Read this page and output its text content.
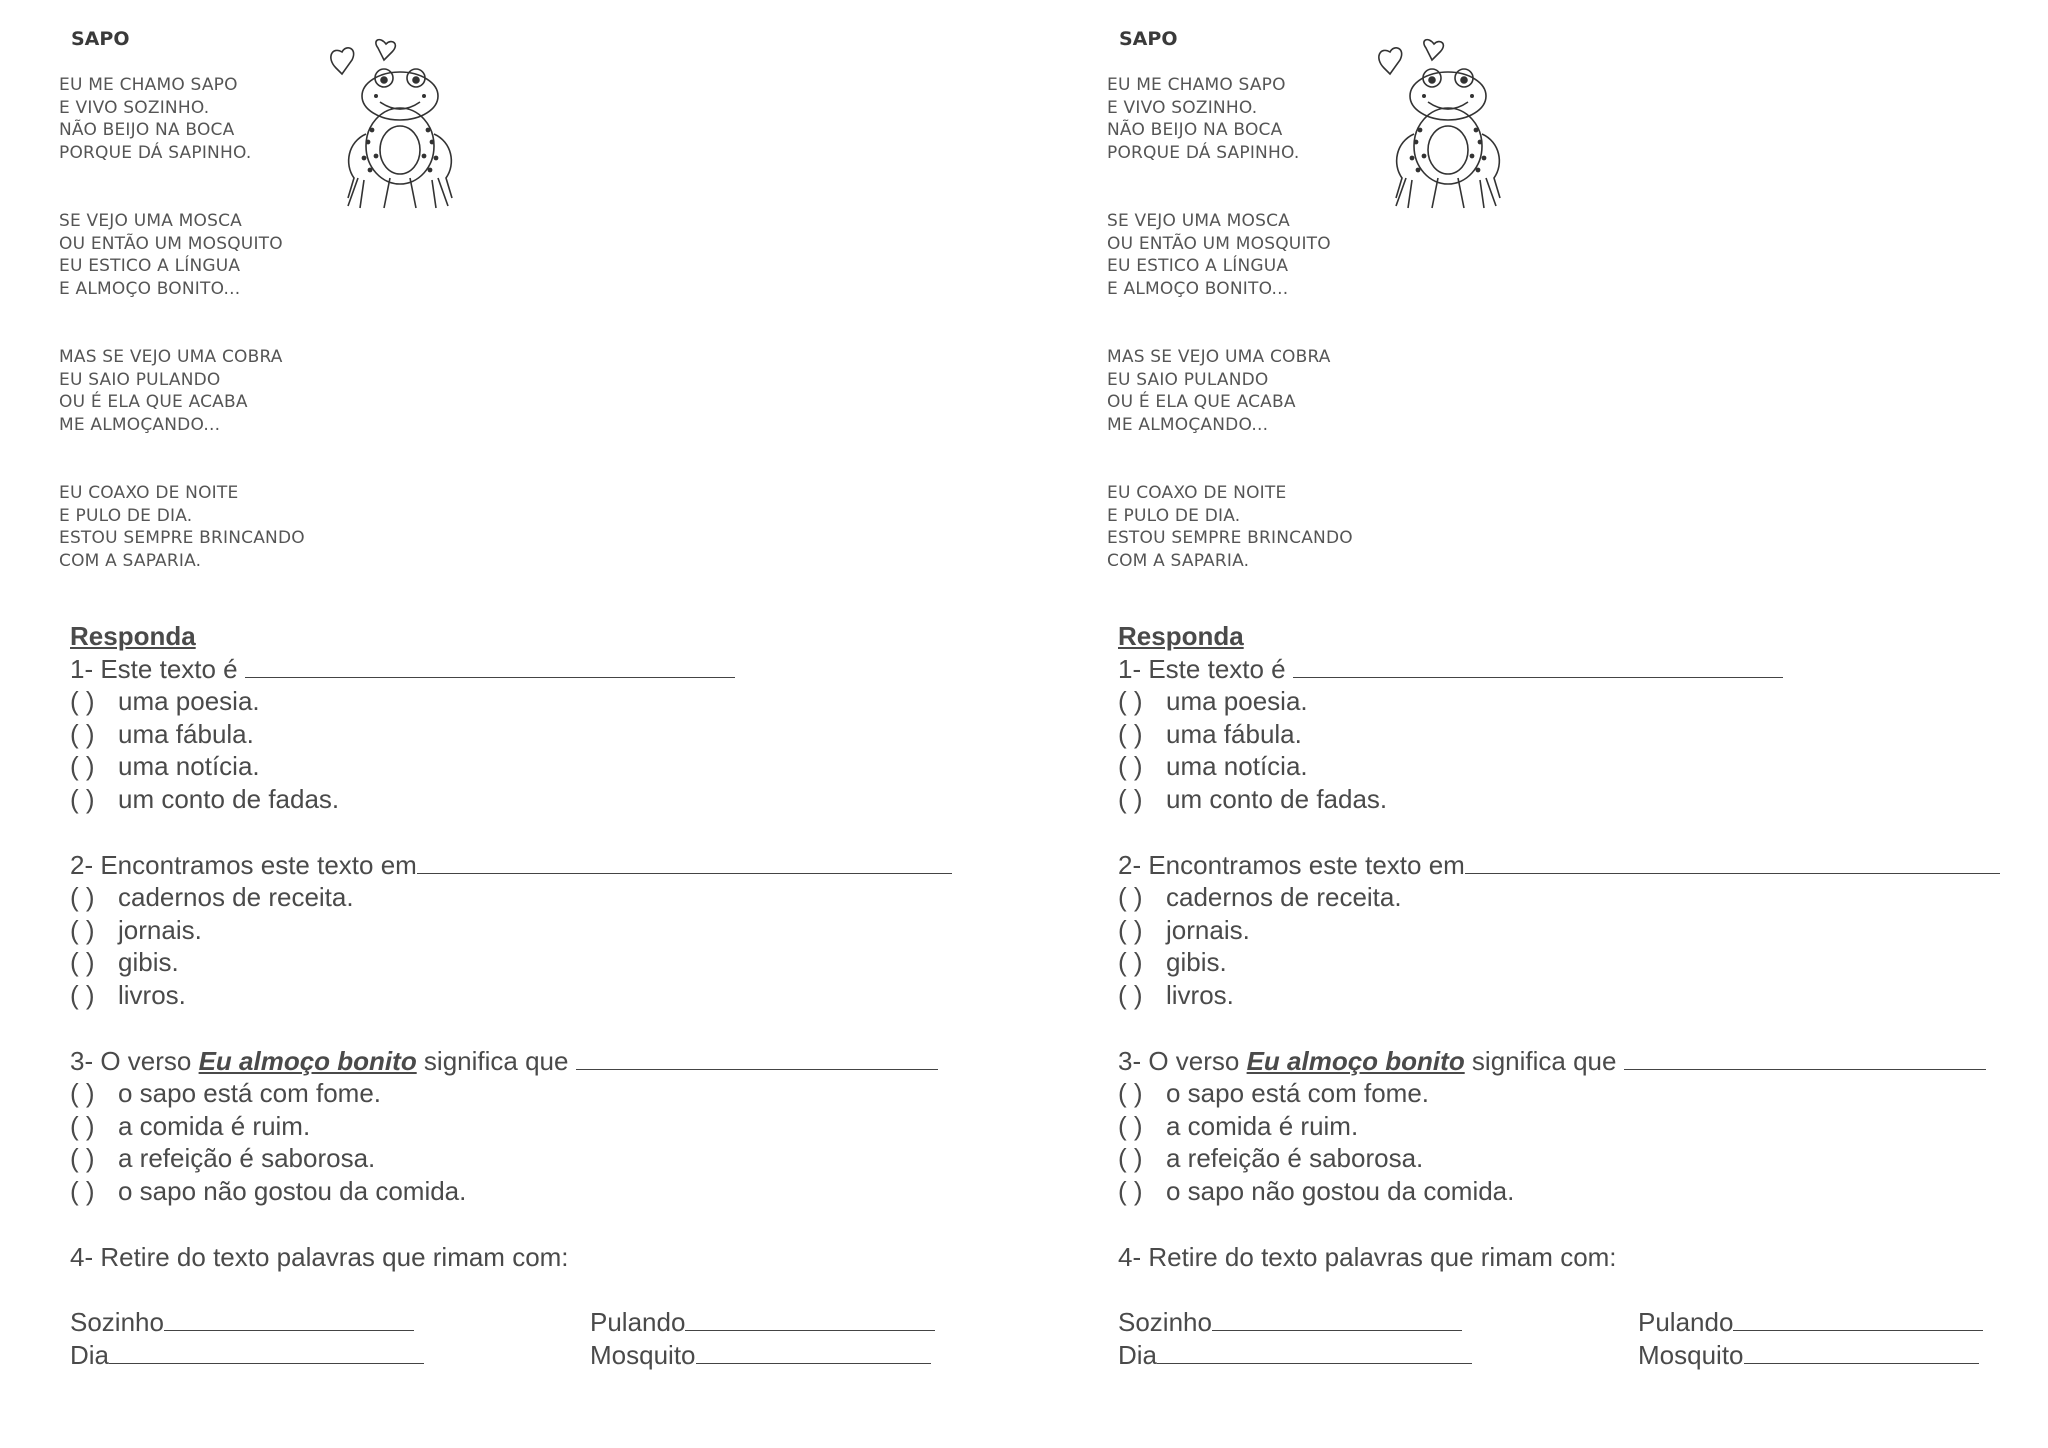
SAPO
EU ME CHAMO SAPO
E VIVO SOZINHO.
NÃO BEIJO NA BOCA
PORQUE DÁ SAPINHO.
SE VEJO UMA MOSCA
OU ENTÃO UM MOSQUITO
EU ESTICO A LÍNGUA
E ALMOÇO BONITO...
MAS SE VEJO UMA COBRA
EU SAIO PULANDO
OU É ELA QUE ACABA
ME ALMOÇANDO...
EU COAXO DE NOITE
E PULO DE DIA.
ESTOU SEMPRE BRINCANDO
COM A SAPARIA.
Responda
1- Este texto é
( ) uma poesia.
( ) uma fábula.
( ) uma notícia.
( ) um conto de fadas.
2- Encontramos este texto em
( ) cadernos de receita.
( ) jornais.
( ) gibis.
( ) livros.
3- O verso Eu almoço bonito significa que
( ) o sapo está com fome.
( ) a comida é ruim.
( ) a refeição é saborosa.
( ) o sapo não gostou da comida.
4- Retire do texto palavras que rimam com:
Sozinho	Pulando
Dia	Mosquito
SAPO
EU ME CHAMO SAPO
E VIVO SOZINHO.
NÃO BEIJO NA BOCA
PORQUE DÁ SAPINHO.
SE VEJO UMA MOSCA
OU ENTÃO UM MOSQUITO
EU ESTICO A LÍNGUA
E ALMOÇO BONITO...
MAS SE VEJO UMA COBRA
EU SAIO PULANDO
OU É ELA QUE ACABA
ME ALMOÇANDO...
EU COAXO DE NOITE
E PULO DE DIA.
ESTOU SEMPRE BRINCANDO
COM A SAPARIA.
Responda
1- Este texto é
( ) uma poesia.
( ) uma fábula.
( ) uma notícia.
( ) um conto de fadas.
2- Encontramos este texto em
( ) cadernos de receita.
( ) jornais.
( ) gibis.
( ) livros.
3- O verso Eu almoço bonito significa que
( ) o sapo está com fome.
( ) a comida é ruim.
( ) a refeição é saborosa.
( ) o sapo não gostou da comida.
4- Retire do texto palavras que rimam com:
Sozinho	Pulando
Dia	Mosquito
